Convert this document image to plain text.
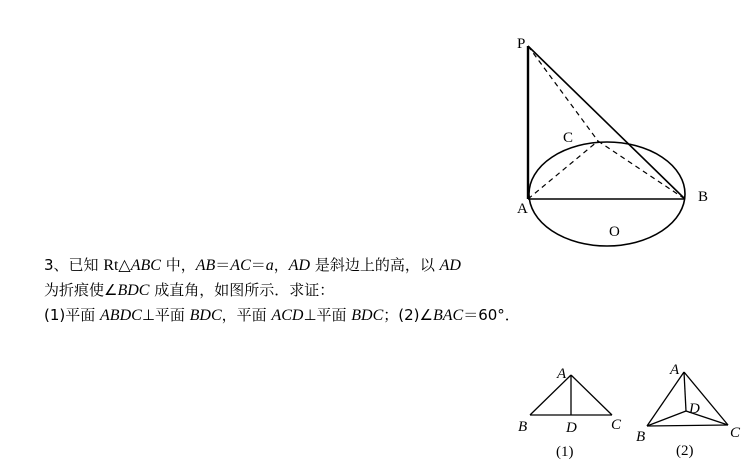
P
C
A
B
O
A
B	D C
(1)
A
D
B	C
(2)
3、已知 Rt△ABC 中，AB＝AC＝a，AD 是斜边上的高，以 AD
为折痕使∠BDC 成直角，如图所示．求证：
(1)平面 ABDC⊥平面 BDC，平面 ACD⊥平面 BDC；(2)∠BAC＝60°．
